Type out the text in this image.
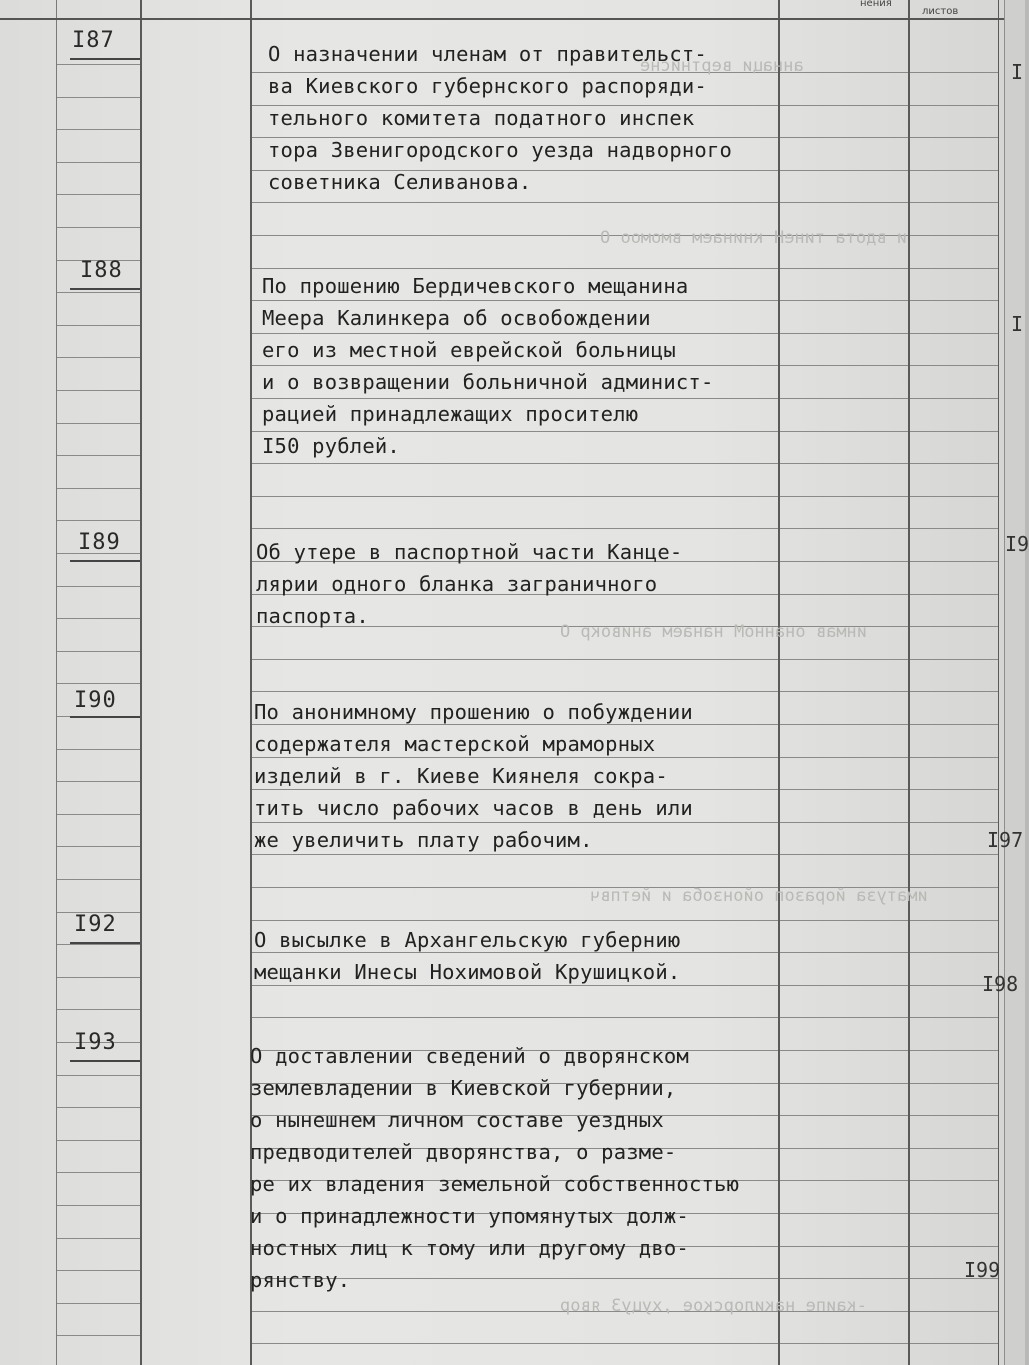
нения
листов
аннаци вертнисне
и вдота тинеН книнаем вмомоо О
инмав онанноМ нанаем анивокр О
иматуза йоразоп ойонзоба и йетпвч
-каипе накилорское ,хуцуЗ явор
I87
О назначении членам от правительст-
ва Киевского губернского распоряди-
тельного комитета податного инспек
тора Звенигородского уезда надворного
советника Селиванова.
I88
По прошению Бердичевского мещанина
Меера Калинкера об освобождении
его из местной еврейской больницы
и о возвращении больничной админист-
рацией принадлежащих просителю
I50 рублей.
I89	Об утере в паспортной части Канце-
лярии одного бланка заграничного
паспорта.
I90	По анонимному прошению о побуждении
содержателя мастерской мраморных
изделий в г. Киеве Киянеля сокра-
тить число рабочих часов в день или
же увеличить плату рабочим.
I92
О высылке в Архангельскую губернию
мещанки Инесы Нохимовой Крушицкой.
I93
О доставлении сведений о дворянском
землевладении в Киевской губернии,
о нынешнем личном составе уездных
предводителей дворянства, о разме-
ре их владения земельной собственностью
и о принадлежности упомянутых долж-
ностных лиц к тому или другому дво-
рянству.
I
I
I9
I97
I98
I99
